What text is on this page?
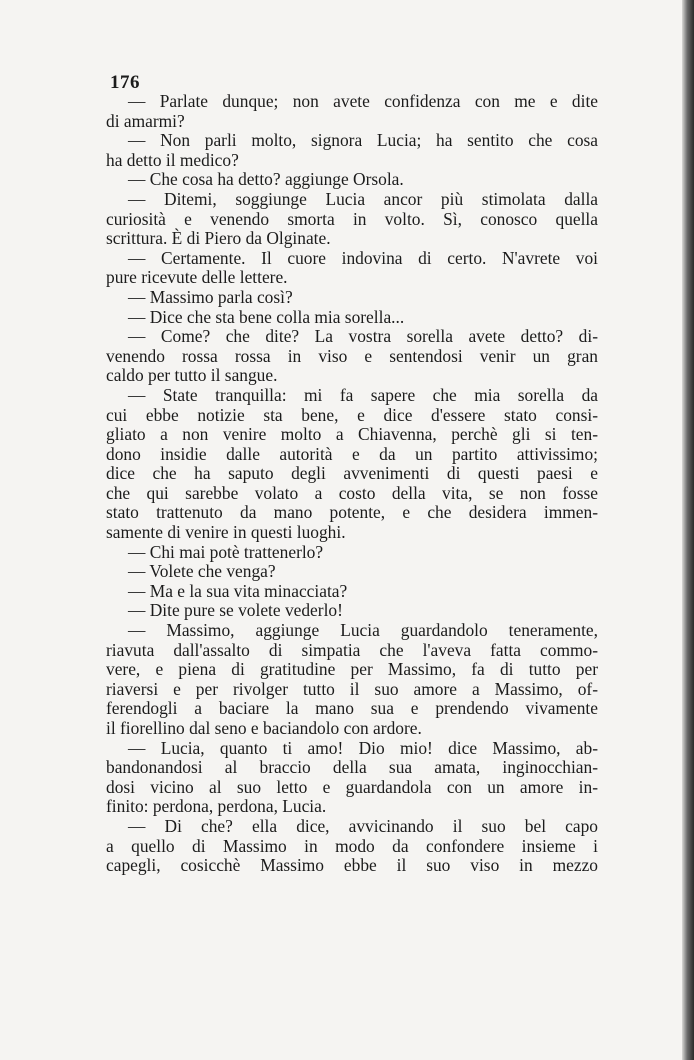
176
— Parlate dunque; non avete confidenza con me e dite
di amarmi?
— Non parli molto, signora Lucia; ha sentito che cosa
ha detto il medico?
— Che cosa ha detto? aggiunge Orsola.
— Ditemi, soggiunge Lucia ancor più stimolata dalla
curiosità e venendo smorta in volto. Sì, conosco quella
scrittura. È di Piero da Olginate.
— Certamente. Il cuore indovina di certo. N'avrete voi
pure ricevute delle lettere.
— Massimo parla così?
— Dice che sta bene colla mia sorella...
— Come? che dite? La vostra sorella avete detto? di-
venendo rossa rossa in viso e sentendosi venir un gran
caldo per tutto il sangue.
— State tranquilla: mi fa sapere che mia sorella da
cui ebbe notizie sta bene, e dice d'essere stato consi-
gliato a non venire molto a Chiavenna, perchè gli si ten-
dono insidie dalle autorità e da un partito attivissimo;
dice che ha saputo degli avvenimenti di questi paesi e
che qui sarebbe volato a costo della vita, se non fosse
stato trattenuto da mano potente, e che desidera immen-
samente di venire in questi luoghi.
— Chi mai potè trattenerlo?
— Volete che venga?
— Ma e la sua vita minacciata?
— Dite pure se volete vederlo!
— Massimo, aggiunge Lucia guardandolo teneramente,
riavuta dall'assalto di simpatia che l'aveva fatta commo-
vere, e piena di gratitudine per Massimo, fa di tutto per
riaversi e per rivolger tutto il suo amore a Massimo, of-
ferendogli a baciare la mano sua e prendendo vivamente
il fiorellino dal seno e baciandolo con ardore.
— Lucia, quanto ti amo! Dio mio! dice Massimo, ab-
bandonandosi al braccio della sua amata, inginocchian-
dosi vicino al suo letto e guardandola con un amore in-
finito: perdona, perdona, Lucia.
— Di che? ella dice, avvicinando il suo bel capo
a quello di Massimo in modo da confondere insieme i
capegli, cosicchè Massimo ebbe il suo viso in mezzo
